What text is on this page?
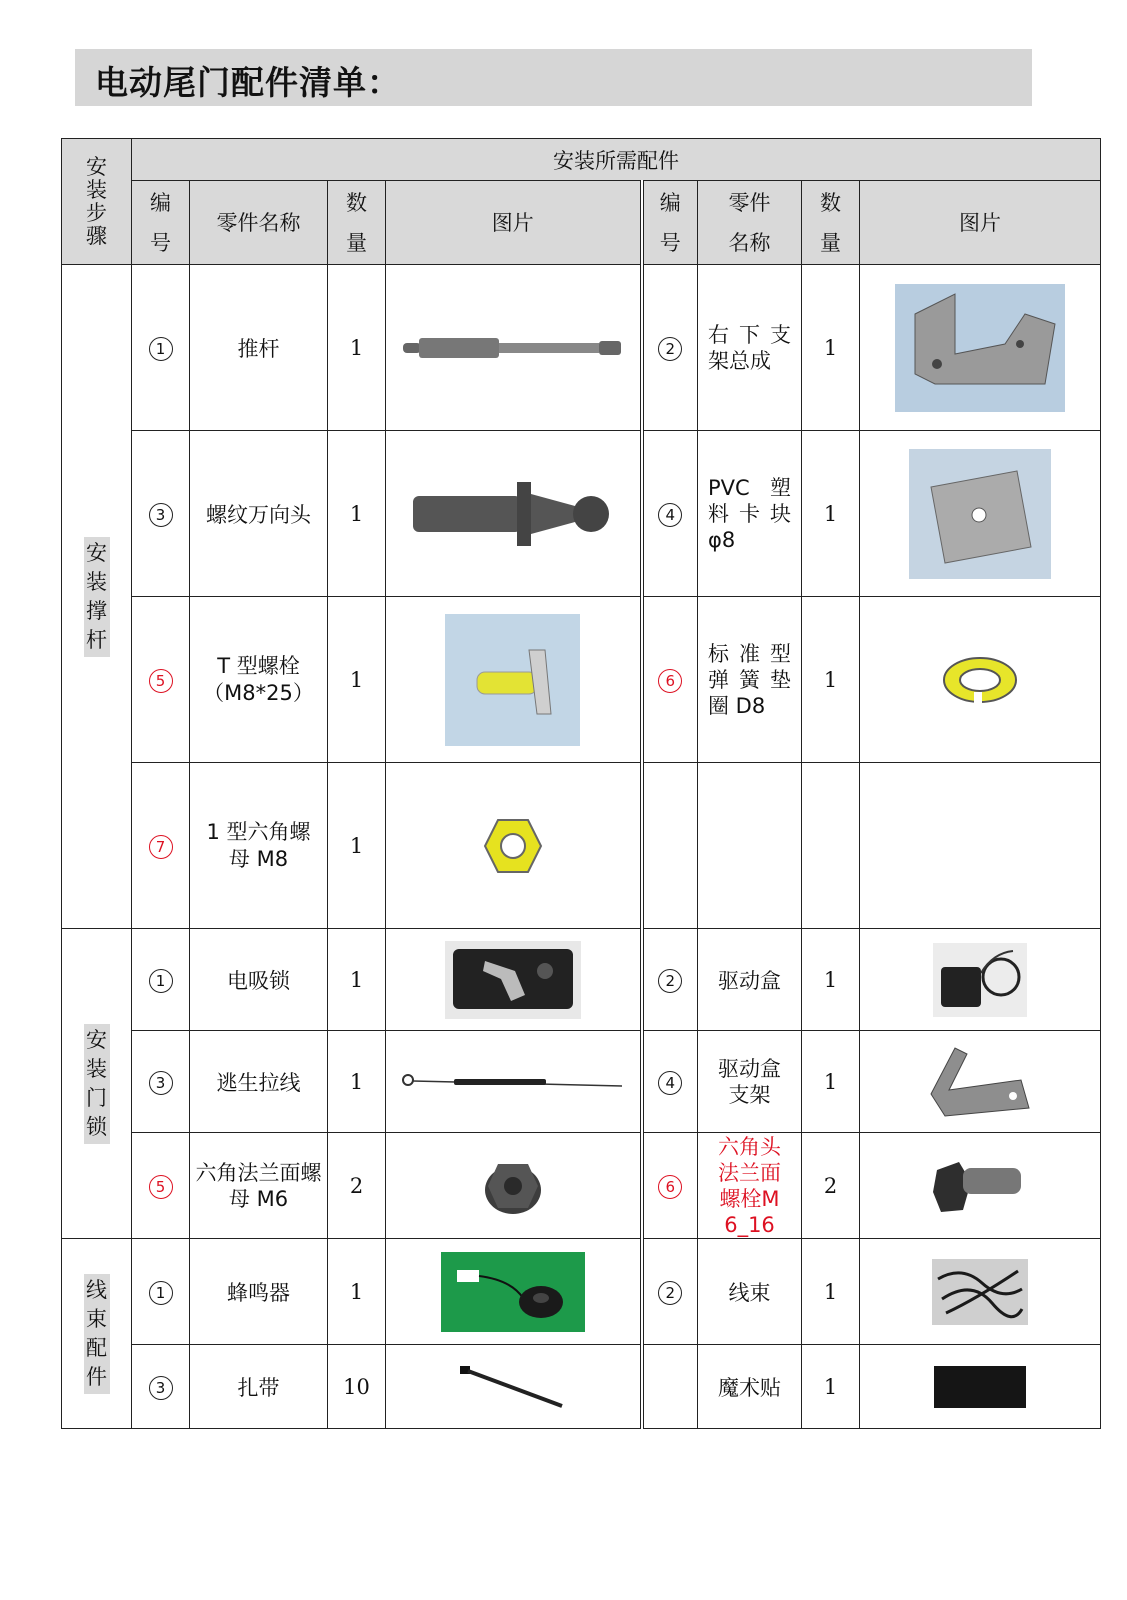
电动尾门配件清单：
安装步骤	安装所需配件							

	编号	零件名称	数量	图片	编号	零件名称	数量	图片
安装撑杆	1	推杆	1		2	右下支架总成	1	

	3	螺纹万向头	1		4	PVC 塑料卡块φ8	1	

	5	T 型螺栓（M8*25）	1		6	标准型弹簧垫圈 D8	1	

	7	1 型六角螺母 M8	1	

安装门锁	1	电吸锁	1		2	驱动盒	1	

	3	逃生拉线	1		4	驱动盒支架	1	

	5	六角法兰面螺母 M6	2		6	六角头法兰面螺栓M6_16	2	

线束配件	1	蜂鸣器	1		2	线束	1	

	3	扎带	10			魔术贴	1	
